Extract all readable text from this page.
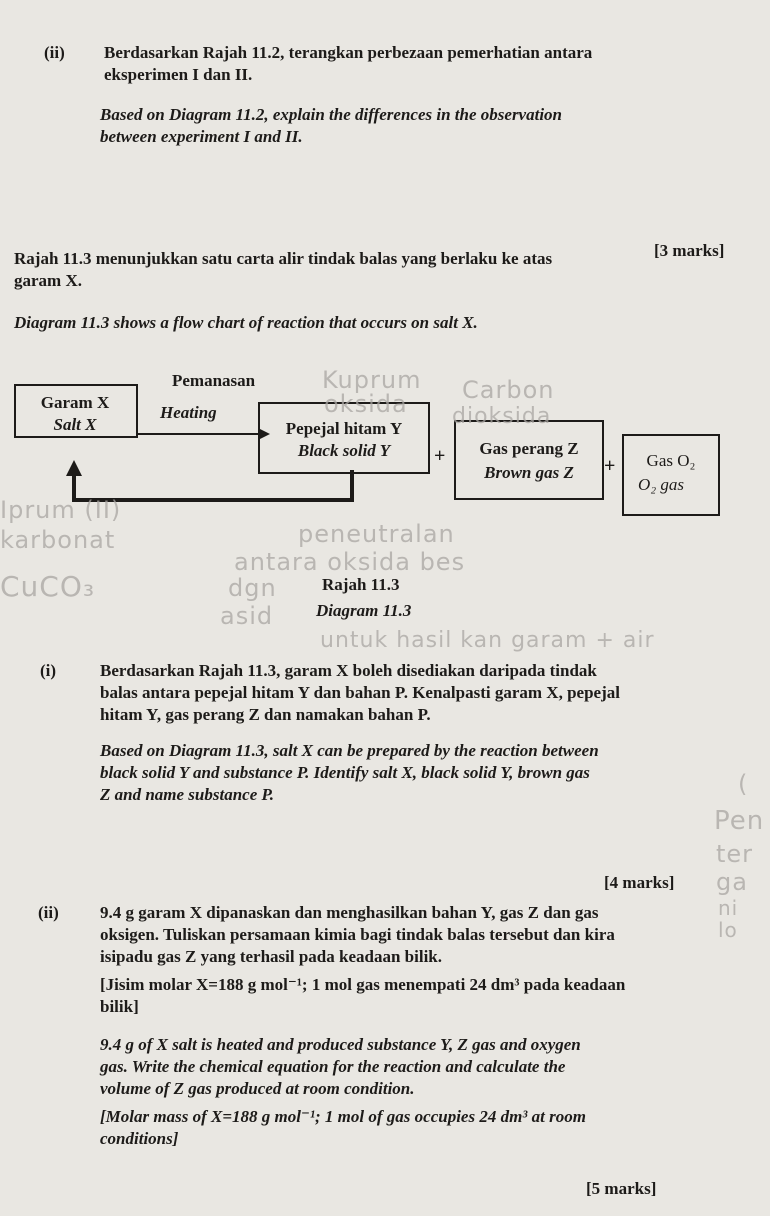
(ii) Berdasarkan Rajah 11.2, terangkan perbezaan pemerhatian antara
eksperimen I dan II.
Based on Diagram 11.2, explain the differences in the observation
between experiment I and II.
[3 marks]
Rajah 11.3 menunjukkan satu carta alir tindak balas yang berlaku ke atas
garam X.
Diagram 11.3 shows a flow chart of reaction that occurs on salt X.
Garam X
Salt X
Pemanasan
Heating
Pepejal hitam Y
Black solid Y	+	Gas perang Z
Brown gas Z	+	Gas O₂
O₂ gas
Rajah 11.3
Diagram 11.3
Kuprum
oksida Carbon
dioksida
Iprum (II)
karbonat
CuCO₃
peneutralan
antara oksida bes
dgn
asid
untuk hasil kan garam + air
(
Pen
ter
ga
ni
lo
(i)	Berdasarkan Rajah 11.3, garam X boleh disediakan daripada tindak
balas antara pepejal hitam Y dan bahan P. Kenalpasti garam X, pepejal
hitam Y, gas perang Z dan namakan bahan P.
Based on Diagram 11.3, salt X can be prepared by the reaction between
black solid Y and substance P. Identify salt X, black solid Y, brown gas
Z and name substance P.
[4 marks]
(ii) 9.4 g garam X dipanaskan dan menghasilkan bahan Y, gas Z dan gas
oksigen. Tuliskan persamaan kimia bagi tindak balas tersebut dan kira
isipadu gas Z yang terhasil pada keadaan bilik.
[Jisim molar X=188 g mol⁻¹; 1 mol gas menempati 24 dm³ pada keadaan
bilik]
9.4 g of X salt is heated and produced substance Y, Z gas and oxygen
gas. Write the chemical equation for the reaction and calculate the
volume of Z gas produced at room condition.
[Molar mass of X=188 g mol⁻¹; 1 mol of gas occupies 24 dm³ at room
conditions]
[5 marks]
